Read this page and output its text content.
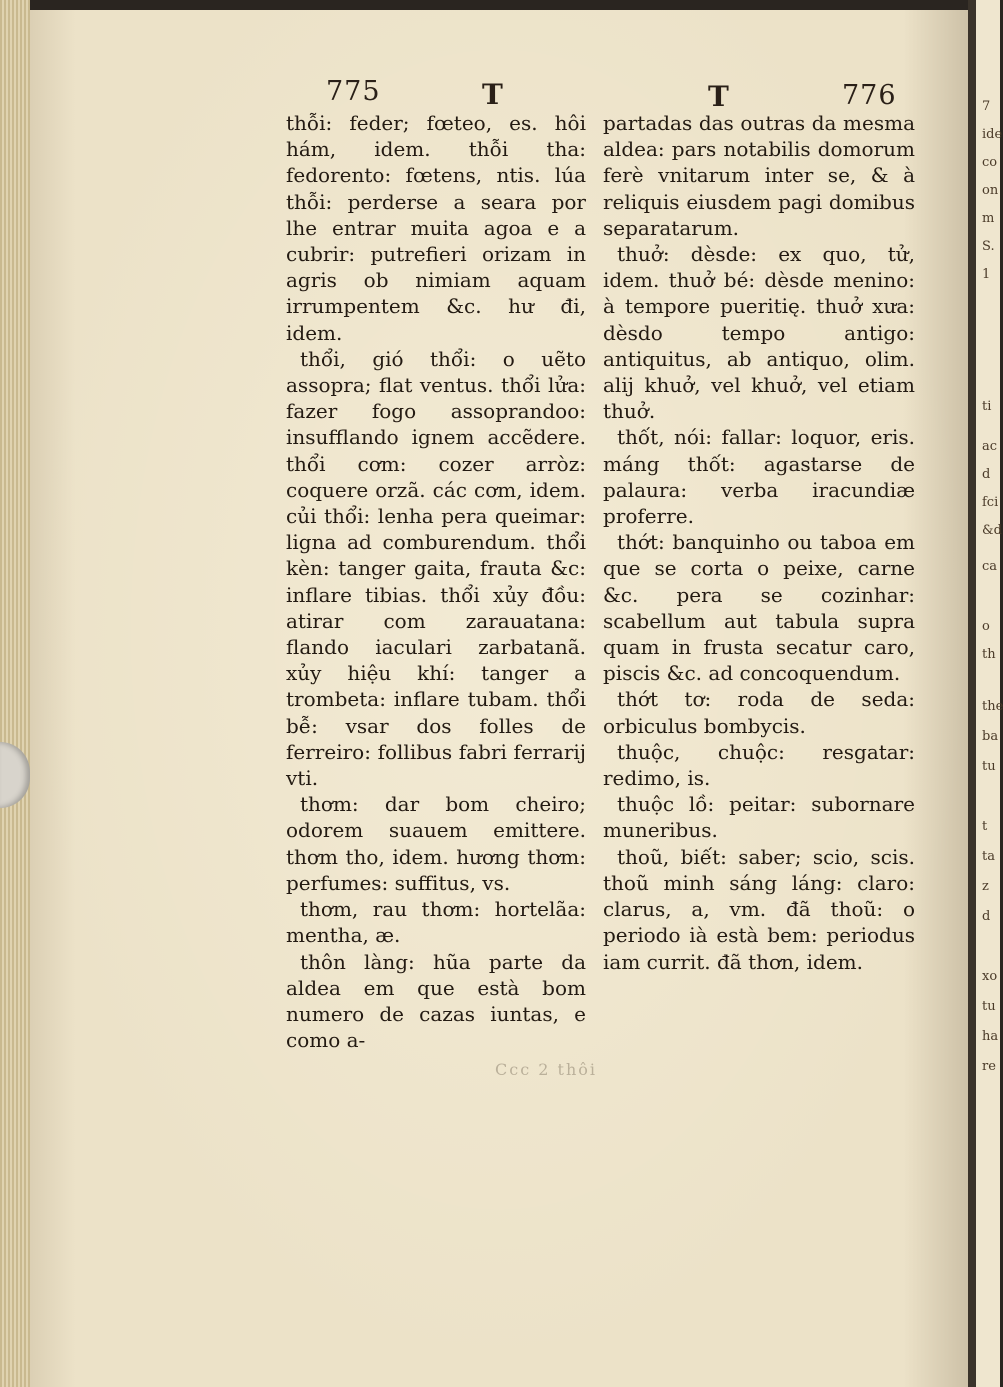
775	T	T	776

thỗi: feder; fœteo, es. hôi hám, idem. thỗi tha: fedorento: fœtens, ntis. lúa thỗi: perderse a seara por lhe entrar muita agoa e a cubrir: putrefieri orizam in agris ob nimiam aquam irrumpentem &c. hư đi, idem.

thổi, gió thổi: o uẽto assopra; flat ventus. thổi lửa: fazer fogo assoprandoo: insufflando ignem accẽdere. thổi cơm: cozer arròz: coquere orzã. các cơm, idem. củi thổi: lenha pera queimar: ligna ad comburendum. thổi kèn: tanger gaita, frauta &c: inflare tibias. thổi xủy đồu: atirar com zarauatana: flando iaculari zarbatanã. xủy hiệu khí: tanger a trombeta: inflare tubam. thổi bễ: vsar dos folles de ferreiro: follibus fabri ferrarij vti.

thơm: dar bom cheiro; odorem suauem emittere. thơm tho, idem. hương thơm: perfumes: suffitus, vs.

thơm, rau thơm: hortelãa: mentha, æ.

thôn làng: hũa parte da aldea em que està bom numero de cazas iuntas, e como a-

partadas das outras da mesma aldea: pars notabilis domorum ferè vnitarum inter se, & à reliquis eiusdem pagi domibus separatarum.

thuở: dèsde: ex quo, tử, idem. thuở bé: dèsde menino: à tempore pueritię. thuở xưa: dèsdo tempo antigo: antiquitus, ab antiquo, olim. alij khuở, vel khuở, vel etiam thuở.

thốt, nói: fallar: loquor, eris. máng thốt: agastarse de palaura: verba iracundiæ proferre.

thớt: banquinho ou taboa em que se corta o peixe, carne &c. pera se cozinhar: scabellum aut tabula supra quam in frusta secatur caro, piscis &c. ad concoquendum.

thớt tơ: roda de seda: orbiculus bombycis.

thuộc, chuộc: resgatar: redimo, is.

thuộc lồ: peitar: subornare muneribus.

thoũ, biết: saber; scio, scis. thoũ minh sáng láng: claro: clarus, a, vm. đã thoũ: o periodo ià està bem: periodus iam currit. đã thơn, idem.

Ccc 2 thôi
7
ide
co
on
m
S.
1
ti
ac
d
fci
&d
ca
o
th
the
ba
tu
t
ta
z
d
xo
tu
ha
re
